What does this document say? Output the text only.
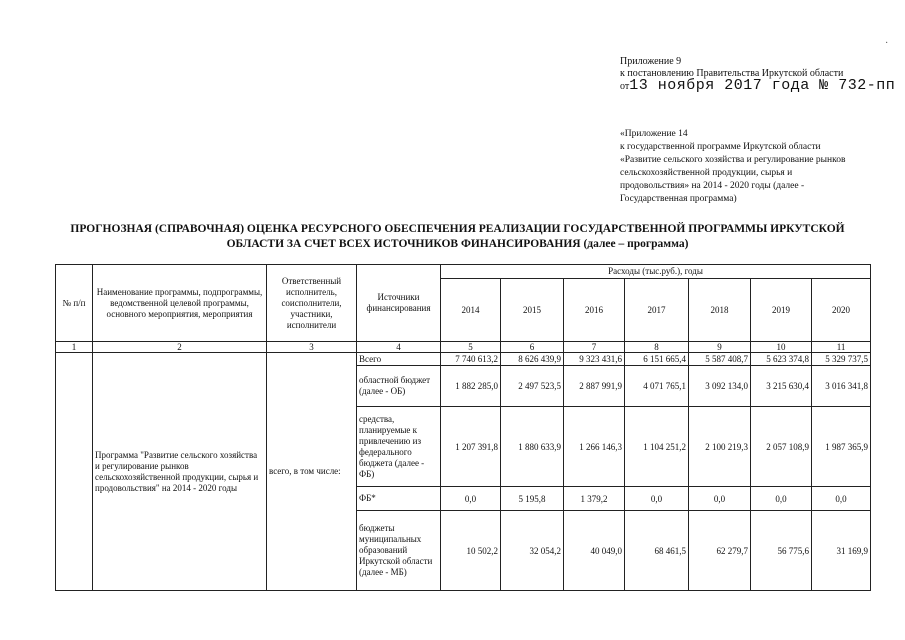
·
Приложение 9
к постановлению Правительства Иркутской области
от13 ноября 2017 года № 732-пп
«Приложение 14
к государственной программе Иркутской области
«Развитие сельского хозяйства и регулирование рынков
сельскохозяйственной продукции, сырья и
продовольствия» на 2014 - 2020 годы (далее -
Государственная программа)
ПРОГНОЗНАЯ (СПРАВОЧНАЯ) ОЦЕНКА РЕСУРСНОГО ОБЕСПЕЧЕНИЯ РЕАЛИЗАЦИИ ГОСУДАРСТВЕННОЙ ПРОГРАММЫ ИРКУТСКОЙ
ОБЛАСТИ ЗА СЧЕТ ВСЕХ ИСТОЧНИКОВ ФИНАНСИРОВАНИЯ (далее – программа)
№ п/п	Наименование программы, подпрограммы, ведомственной целевой программы, основного мероприятия, мероприятия	Ответственный исполнитель, соисполнители, участники, исполнители	Источники финансирования	Расходы (тыс.руб.), годы						
				2014	2015	2016	2017	2018	2019	2020
1	2	3	4	5	6	7	8	9	10	11
	Программа "Развитие сельского хозяйства и регулирование рынков сельскохозяйственной продукции, сырья и продовольствия" на 2014 - 2020 годы	всего, в том числе:	Всего	7 740 613,2	8 626 439,9	9 323 431,6	6 151 665,4	5 587 408,7	5 623 374,8	5 329 737,5
			областной бюджет (далее - ОБ)	1 882 285,0	2 497 523,5	2 887 991,9	4 071 765,1	3 092 134,0	3 215 630,4	3 016 341,8
			средства, планируемые к привлечению из федерального бюджета (далее - ФБ)	1 207 391,8	1 880 633,9	1 266 146,3	1 104 251,2	2 100 219,3	2 057 108,9	1 987 365,9
			ФБ*	0,0	5 195,8	1 379,2	0,0	0,0	0,0	0,0
			бюджеты муниципальных образований Иркутской области (далее - МБ)	10 502,2	32 054,2	40 049,0	68 461,5	62 279,7	56 775,6	31 169,9
